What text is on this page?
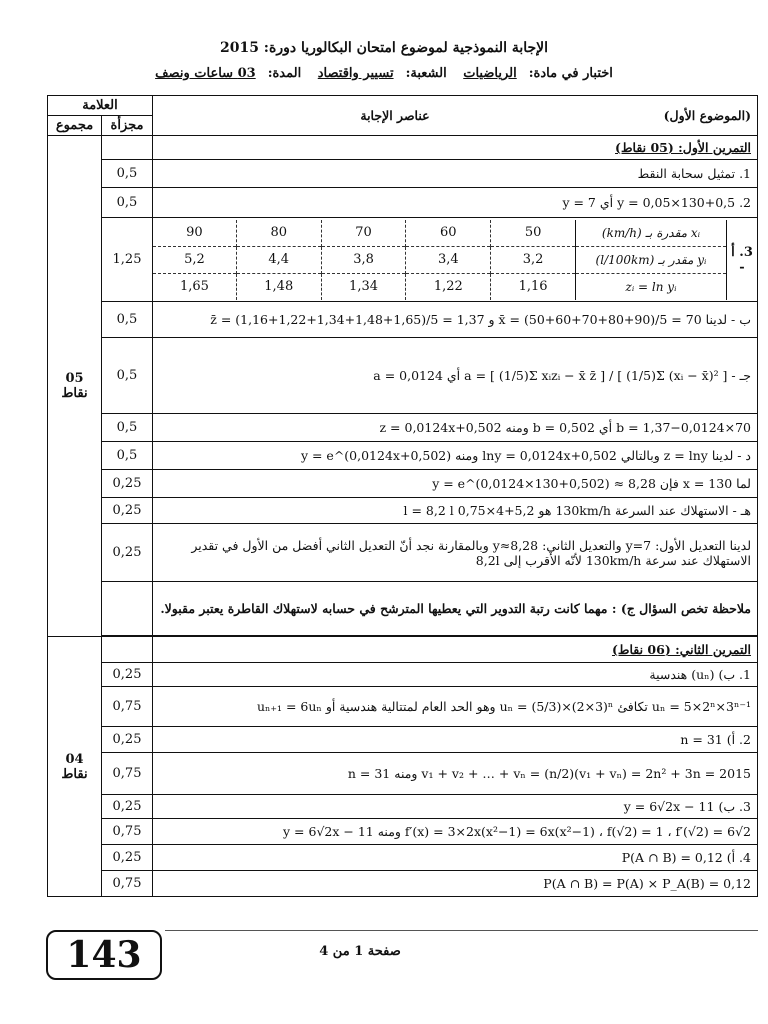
الإجابة النموذجية لموضوع امتحان البكالوريا دورة: 2015
اختبار في مادة:الرياضيات الشعبة:تسيير واقتصاد المدة:03 ساعات ونصف
العلامة	
(الموضوع الأول)
عناصر الإجابة

مجموع	مجزأة

05
نقاط
		التمرين الأول: (05 نقاط)
0,5	1. تمثيل سحابة النقط
0,5	2. y = 0,05×130+0,5 أي y = 7
1,25	
90	80	70	60	50	xᵢ مقدرة بـ (km/h)	3. أ -
5,2	4,4	3,8	3,4	3,2	yᵢ مقدر بـ (l/100km)
1,65	1,48	1,34	1,22	1,16	zᵢ = ln yᵢ

0,5	ب - لدينا x̄ = (50+60+70+80+90)/5 = 70 و z̄ = (1,16+1,22+1,34+1,48+1,65)/5 = 1,37
0,5	جـ - a = [ (1/5)Σ xᵢzᵢ − x̄ z̄ ] / [ (1/5)Σ (xᵢ − x̄)² ] أي a = 0,0124
0,5	b = 1,37−0,0124×70 أي b = 0,502 ومنه z = 0,0124x+0,502
0,5	د - لدينا z = lny وبالتالي lny = 0,0124x+0,502 ومنه y = e^(0,0124x+0,502)
0,25	لما x = 130 فإن y = e^(0,0124×130+0,502) ≈ 8,28
0,25	هـ - الاستهلاك عند السرعة 130km/h هو 5,2+4×0,75 l = 8,2 l
0,25	لدينا التعديل الأول: y=7 والتعديل الثاني: y≈8,28 وبالمقارنة نجد أنّ التعديل الثاني أفضل من الأول في تقدير الاستهلاك عند سرعة 130km/h لأنّه الأقرب إلى 8,2l
	ملاحظة تخص السؤال ج) : مهما كانت رتبة التدوير التي يعطيها المترشح في حسابه لاستهلاك القاطرة يعتبر مقبولا.

04
نقاط
		التمرين الثاني: (06 نقاط)
0,25	1. ب) (uₙ) هندسية
0,75	uₙ = 5×2ⁿ×3ⁿ⁻¹ تكافئ uₙ = (5/3)×(2×3)ⁿ وهو الحد العام لمتتالية هندسية أو uₙ₊₁ = 6uₙ
0,25	2. أ) n = 31
0,75	v₁ + v₂ + … + vₙ = (n/2)(v₁ + vₙ) = 2n² + 3n = 2015 ومنه n = 31
0,25	3. ب) y = 6√2x − 11
0,75	f′(x) = 3×2x(x²−1) = 6x(x²−1) ، f(√2) = 1 ، f′(√2) = 6√2 ومنه y = 6√2x − 11
0,25	4. أ) P(A ∩ B) = 0,12
0,75	P(A ∩ B) = P(A) × P_A(B) = 0,12
143	صفحة 1 من 4
